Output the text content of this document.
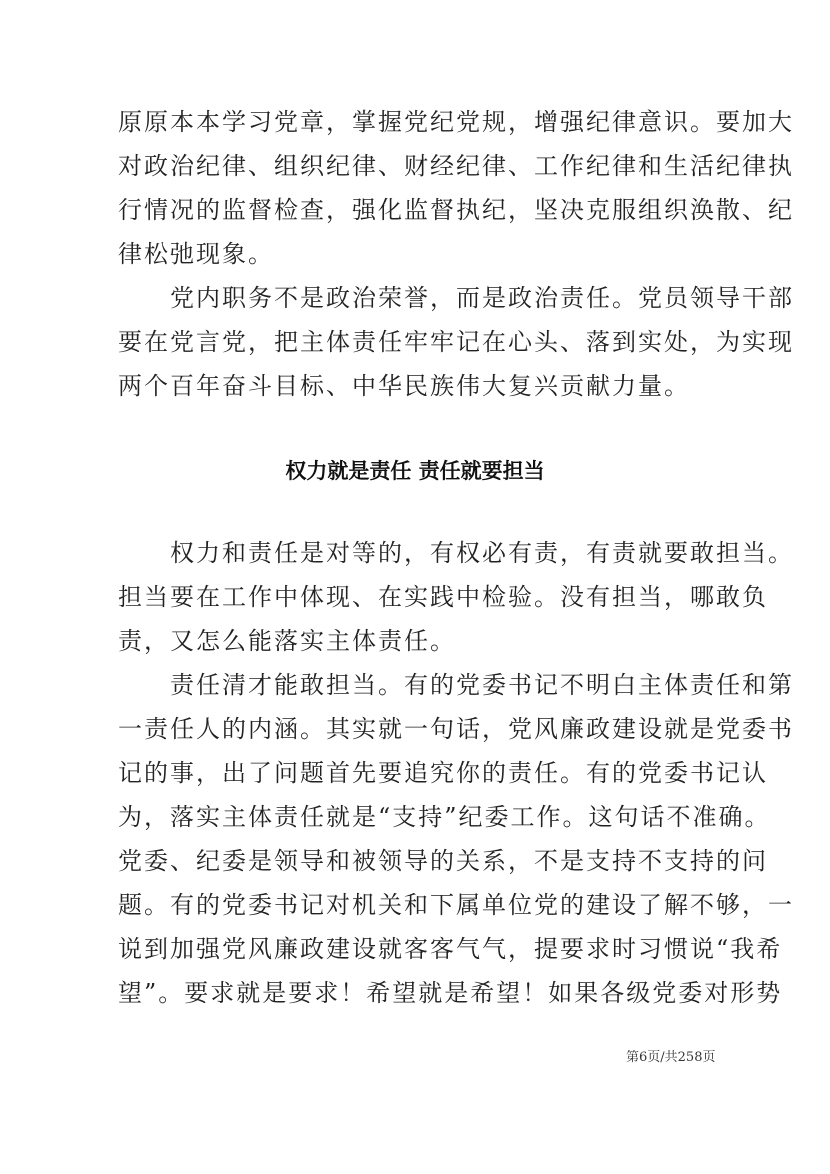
原原本本学习党章，掌握党纪党规，增强纪律意识。要加大
对政治纪律、组织纪律、财经纪律、工作纪律和生活纪律执
行情况的监督检查，强化监督执纪，坚决克服组织涣散、纪
律松弛现象。
　　党内职务不是政治荣誉，而是政治责任。党员领导干部
要在党言党，把主体责任牢牢记在心头、落到实处，为实现
两个百年奋斗目标、中华民族伟大复兴贡献力量。
权力就是责任 责任就要担当
　　权力和责任是对等的，有权必有责，有责就要敢担当。
担当要在工作中体现、在实践中检验。没有担当，哪敢负
责，又怎么能落实主体责任。
　　责任清才能敢担当。有的党委书记不明白主体责任和第
一责任人的内涵。其实就一句话，党风廉政建设就是党委书
记的事，出了问题首先要追究你的责任。有的党委书记认
为，落实主体责任就是“支持”纪委工作。这句话不准确。
党委、纪委是领导和被领导的关系，不是支持不支持的问
题。有的党委书记对机关和下属单位党的建设了解不够，一
说到加强党风廉政建设就客客气气，提要求时习惯说“我希
望”。要求就是要求！希望就是希望！如果各级党委对形势
第6页/共258页
